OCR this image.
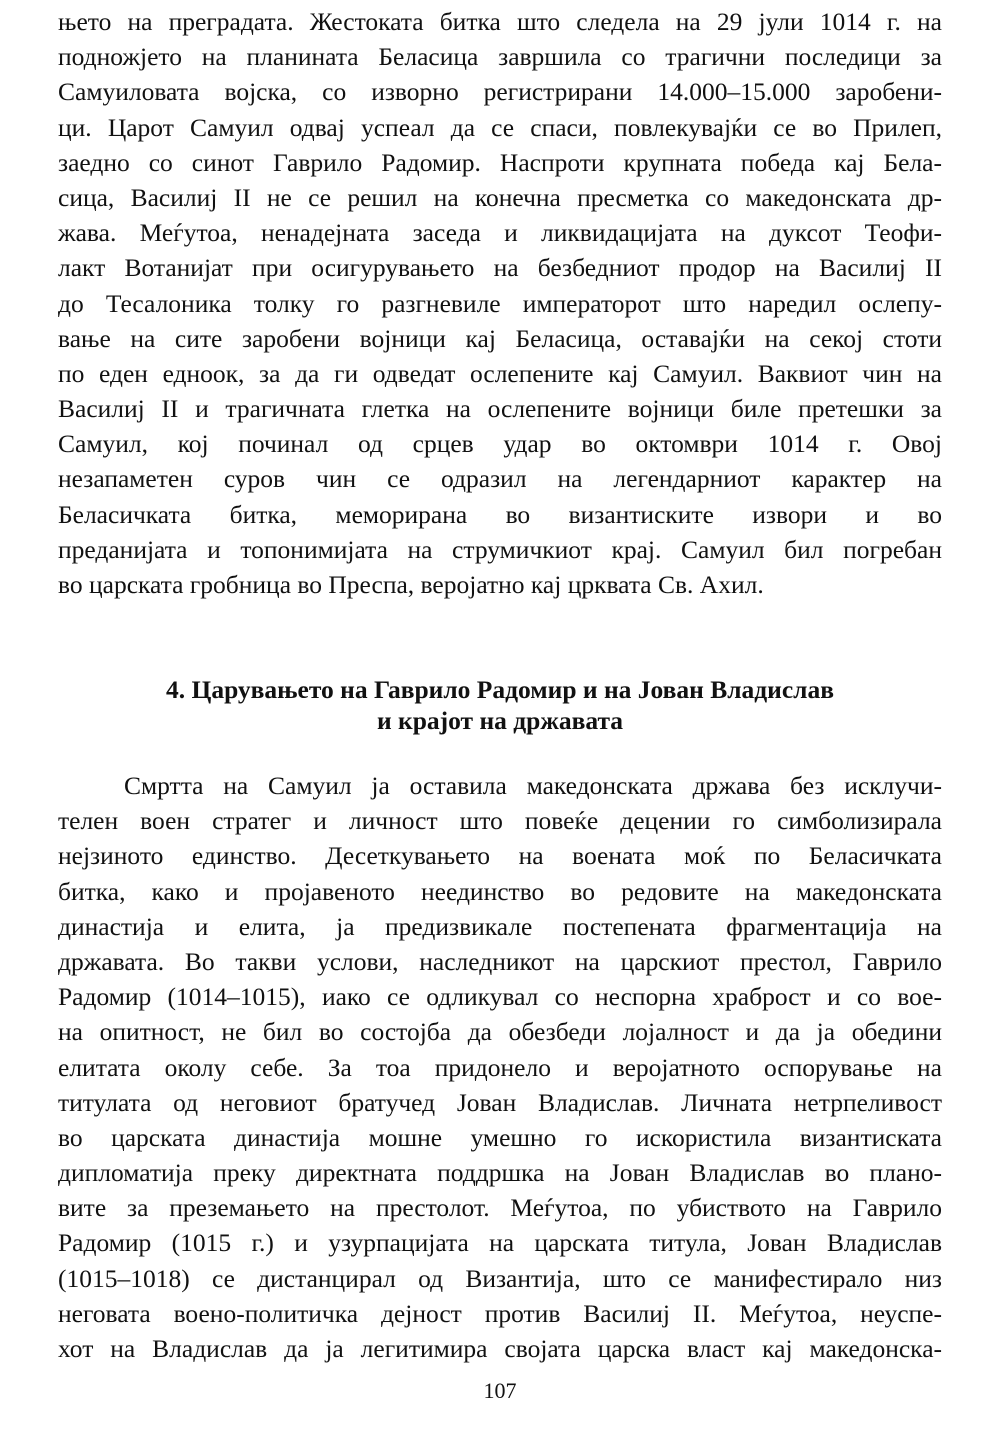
њето на преградата. Жестоката битка што следела на 29 јули 1014 г. на
подножјето на планината Беласица завршила со трагични последици за
Самуиловата војска, со изворно регистрирани 14.000–15.000 заробени-
ци. Царот Самуил одвај успеал да се спаси, повлекувајќи се во Прилеп,
заедно со синот Гаврило Радомир. Наспроти крупната победа кај Бела-
сица, Василиј II не се решил на конечна пресметка со македонската др-
жава. Меѓутоа, ненадејната заседа и ликвидацијата на дуксот Теофи-
лакт Вотанијат при осигурувањето на безбедниот продор на Василиј II
до Тесалоника толку го разгневиле императорот што наредил ослепу-
вање на сите заробени војници кај Беласица, оставајќи на секој стоти
по еден едноок, за да ги одведат ослепените кај Самуил. Ваквиот чин на
Василиј II и трагичната глетка на ослепените војници биле претешки за
Самуил, кој починал од срцев удар во октомври 1014 г. Овој
незапаметен суров чин се одразил на легендарниот карактер на
Беласичката битка, меморирана во византиските извори и во
преданијата и топонимијата на струмичкиот крај. Самуил бил погребан
во царската гробница во Преспа, веројатно кај црквата Св. Ахил.
4. Царувањето на Гаврило Радомир и на Јован Владислав
и крајот на државата
Смртта на Самуил ја оставила македонската држава без исклучи-
телен воен стратег и личност што повеќе децении го симболизирала
нејзиното единство. Десеткувањето на воената моќ по Беласичката
битка, како и пројавеното неединство во редовите на македонската
династија и елита, ја предизвикале постепената фрагментација на
државата. Во такви услови, наследникот на царскиот престол, Гаврило
Радомир (1014–1015), иако се одликувал со неспорна храброст и со вое-
на опитност, не бил во состојба да обезбеди лојалност и да ја обедини
елитата околу себе. За тоа придонело и веројатното оспорување на
титулата од неговиот братучед Јован Владислав. Личната нетрпеливост
во царската династија мошне умешно го искористила византиската
дипломатија преку директната поддршка на Јован Владислав во плано-
вите за преземањето на престолот. Меѓутоа, по убиството на Гаврило
Радомир (1015 г.) и узурпацијата на царската титула, Јован Владислав
(1015–1018) се дистанцирал од Византија, што се манифестирало низ
неговата воено-политичка дејност против Василиј II. Меѓутоа, неуспе-
хот на Владислав да ја легитимира својата царска власт кај македонска-
107
